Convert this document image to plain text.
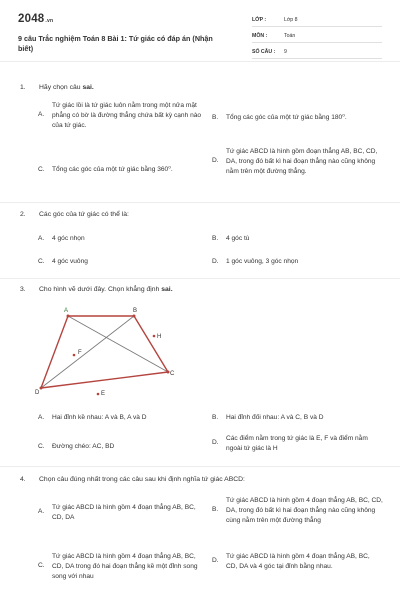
2048.vn
9 câu Trắc nghiệm Toán 8 Bài 1: Tứ giác có đáp án (Nhận biết)
LỚP :	Lớp 8
MÔN :	Toán
SỐ CÂU :	9
1.	Hãy chọn câu sai.
A.
Tứ giác lồi là tứ giác luôn nằm trong một nửa mặt phẳng có bờ là đường thẳng chứa bất kỳ cạnh nào của tứ giác.
B.	Tổng các góc của một tứ giác bằng 180⁰.
C.	Tổng các góc của một tứ giác bằng 360⁰.
D.
Tứ giác ABCD là hình gồm đoạn thẳng AB, BC, CD, DA, trong đó bất kì hai đoạn thẳng nào cũng không nằm trên một đường thẳng.
2.	Các góc của tứ giác có thể là:
A.	4 góc nhọn	B.	4 góc tù
C.	4 góc vuông	D.	1 góc vuông, 3 góc nhọn
3.	Cho hình vẽ dưới đây. Chọn khẳng định sai.
A	B
C
D
H
F
E
A.	Hai đỉnh kề nhau: A và B, A và D	B.	Hai đỉnh đối nhau: A và C, B và D
C.	Đường chéo: AC, BD
D.
Các điểm nằm trong tứ giác là E, F và điểm nằm ngoài tứ giác là H
4.	Chọn câu đúng nhất trong các câu sau khi định nghĩa tứ giác ABCD:
A.
Tứ giác ABCD là hình gồm 4 đoạn thẳng AB, BC, CD, DA
B.
Tứ giác ABCD là hình gồm 4 đoạn thẳng AB, BC, CD, DA, trong đó bất kì hai đoạn thẳng nào cũng không cùng nằm trên một đường thẳng
C.
Tứ giác ABCD là hình gồm 4 đoạn thẳng AB, BC, CD, DA trong đó hai đoạn thẳng kề một đỉnh song song với nhau
D.
Tứ giác ABCD là hình gồm 4 đoạn thẳng AB, BC, CD, DA và 4 góc tại đỉnh bằng nhau.
